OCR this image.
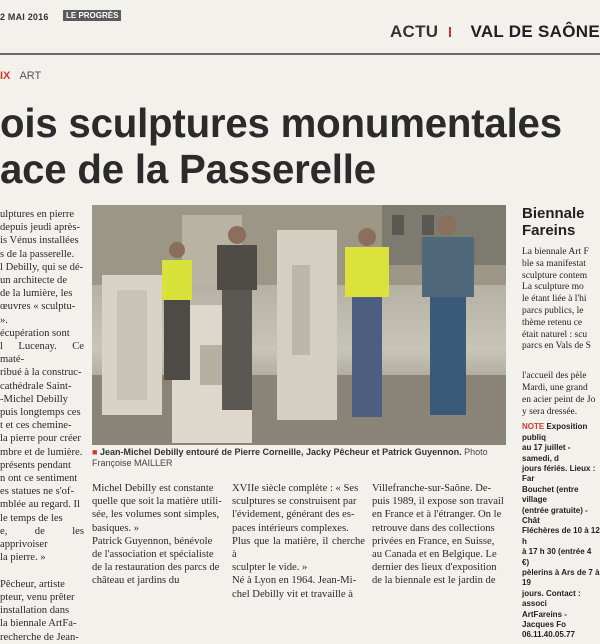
2 MAI 2016	LE PROGRÈS
ACTU VAL DE SAÔNE
IX ART
ois sculptures monumentales
ace de la Passerelle
ulptures en pierre
depuis jeudi après-
is Vénus installées
s de la passerelle.
l Debilly, qui se dé-
un architecte de
de la lumière, les
œuvres « sculptu-
».
écupération sont
l Lucenay. Ce maté-
ribué à la construc-
cathédrale Saint-
-Michel Debilly
puis longtemps ces
t et ces chemine-
la pierre pour créer
mbre et de lumière.
présents pendant
n ont ce sentiment
es statues ne s'of-
mblée au regard. Il
le temps de les
e, de les apprivoiser
la pierre. »

Pêcheur, artiste
pteur, venu prêter
installation dans
la biennale ArtFa-
recherche de Jean-
■ Jean-Michel Debilly entouré de Pierre Corneille, Jacky Pêcheur et Patrick Guyennon. Photo Françoise MAILLER
Michel Debilly est constante
quelle que soit la matière utili-
sée, les volumes sont simples,
basiques. »
Patrick Guyennon, bénévole
de l'association et spécialiste
de la restauration des parcs de
château et jardins du
XVIIe siècle complète : « Ses
sculptures se construisent par
l'évidement, générant des es-
paces intérieurs complexes.
Plus que la matière, il cherche à
sculpter le vide. »
Né à Lyon en 1964. Jean-Mi-
chel Debilly vit et travaille à
Villefranche-sur-Saône. De-
puis 1989, il expose son travail
en France et à l'étranger. On le
retrouve dans des collections
privées en France, en Suisse,
au Canada et en Belgique. Le
dernier des lieux d'exposition
de la biennale est le jardin de
Biennale
Fareins
La biennale Art F
ble sa manifestat
sculpture contem
La sculpture mo
le étant liée à l'hi
parcs publics, le
thème retenu ce
était naturel : scu
parcs en Vals de S
l'accueil des pèle
Mardi, une grand
en acier peint de Jo
y sera dressée.
NOTE Exposition publiq
au 17 juillet - samedi, d
jours fériés. Lieux : Far
Bouchet (entre village
(entrée gratuite) - Chât
Fléchères de 10 à 12 h
à 17 h 30 (entrée 4 €)
pèlerins à Ars de 7 à 19
jours. Contact : associ
ArtFareins - Jacques Fo
06.11.40.05.77
